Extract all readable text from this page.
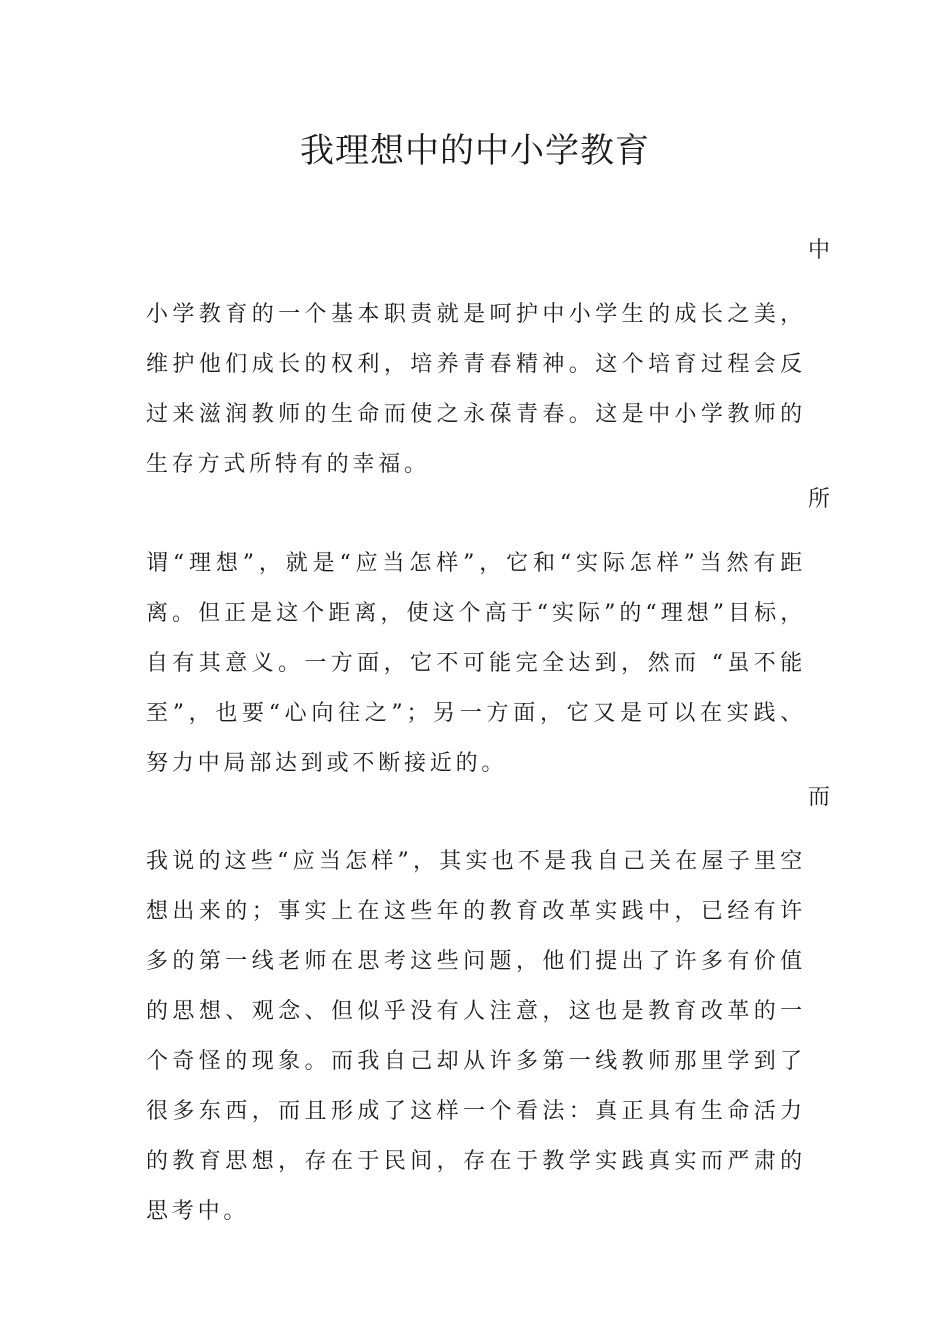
我理想中的中小学教育

中

小学教育的一个基本职责就是呵护中小学生的成长之美，维护他们成长的权利，培养青春精神。这个培育过程会反过来滋润教师的生命而使之永葆青春。这是中小学教师的生存方式所特有的幸福。

所

谓“理想”，就是“应当怎样”，它和“实际怎样”当然有距离。但正是这个距离，使这个高于“实际”的“理想”目标，自有其意义。一方面，它不可能完全达到，然而 “虽不能至”，也要“心向往之”；另一方面，它又是可以在实践、努力中局部达到或不断接近的。

而

我说的这些“应当怎样”，其实也不是我自己关在屋子里空想出来的；事实上在这些年的教育改革实践中，已经有许多的第一线老师在思考这些问题，他们提出了许多有价值的思想、观念、但似乎没有人注意，这也是教育改革的一个奇怪的现象。而我自己却从许多第一线教师那里学到了很多东西，而且形成了这样一个看法：真正具有生命活力的教育思想，存在于民间，存在于教学实践真实而严肃的思考中。
